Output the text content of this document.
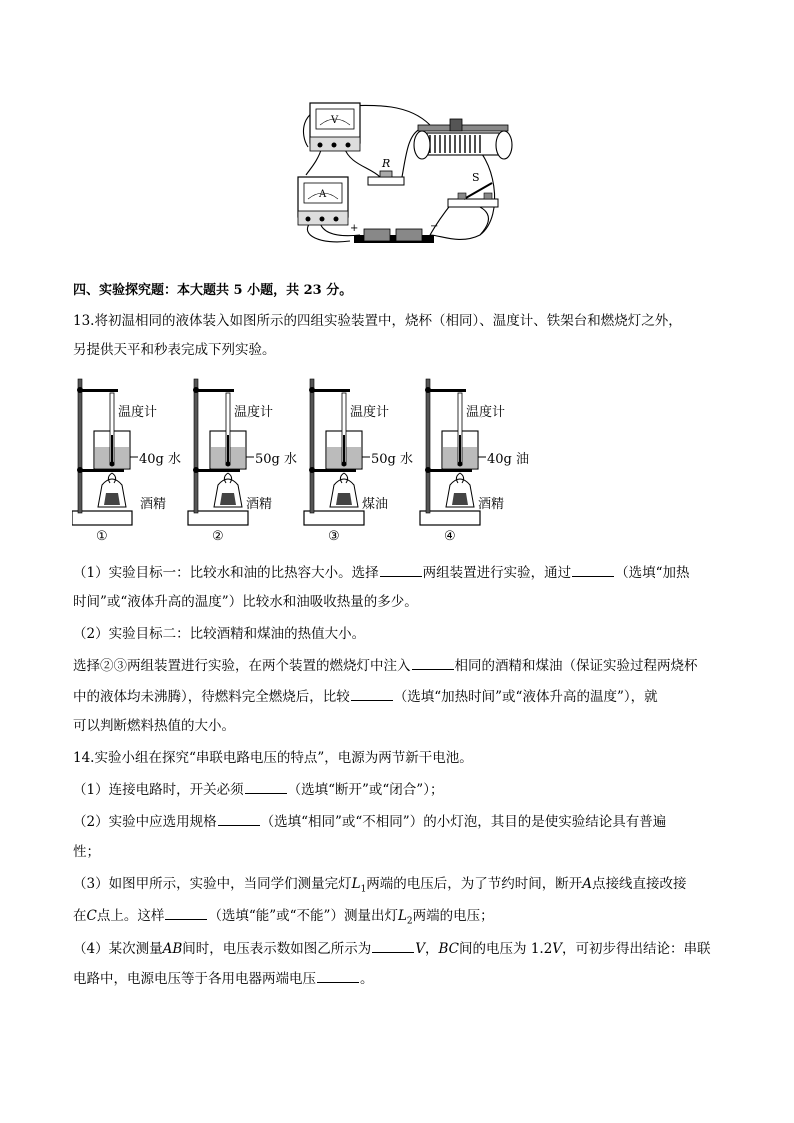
V
R
A
S
+	−
四、实验探究题：本大题共 5 小题，共 23 分。
13.将初温相同的液体装入如图所示的四组实验装置中，烧杯（相同）、温度计、铁架台和燃烧灯之外，
另提供天平和秒表完成下列实验。
温度计
40g 水
酒精
①
温度计
50g 水
酒精
②
温度计
50g 水
煤油
③
温度计
40g 油
酒精
④
（1）实验目标一：比较水和油的比热容大小。选择	两组装置进行实验，通过	（选填“加热
时间”或“液体升高的温度”）比较水和油吸收热量的多少。
（2）实验目标二：比较酒精和煤油的热值大小。
选择②③两组装置进行实验，在两个装置的燃烧灯中注入	相同的酒精和煤油（保证实验过程两烧杯
中的液体均未沸腾），待燃料完全燃烧后，比较	（选填“加热时间”或“液体升高的温度”），就
可以判断燃料热值的大小。
14.实验小组在探究“串联电路电压的特点”，电源为两节新干电池。
（1）连接电路时，开关必须	（选填“断开”或“闭合”）；
（2）实验中应选用规格	（选填“相同”或“不相同”）的小灯泡，其目的是使实验结论具有普遍
性；
（3）如图甲所示，实验中，当同学们测量完灯$L_1$两端的电压后，为了节约时间，断开A点接线直接改接
在C点上。这样	（选填“能”或“不能”）测量出灯$L_2$两端的电压；
（4）某次测量AB间时，电压表示数如图乙所示为	V，BC间的电压为 1.2V，可初步得出结论：串联
电路中，电源电压等于各用电器两端电压	。
